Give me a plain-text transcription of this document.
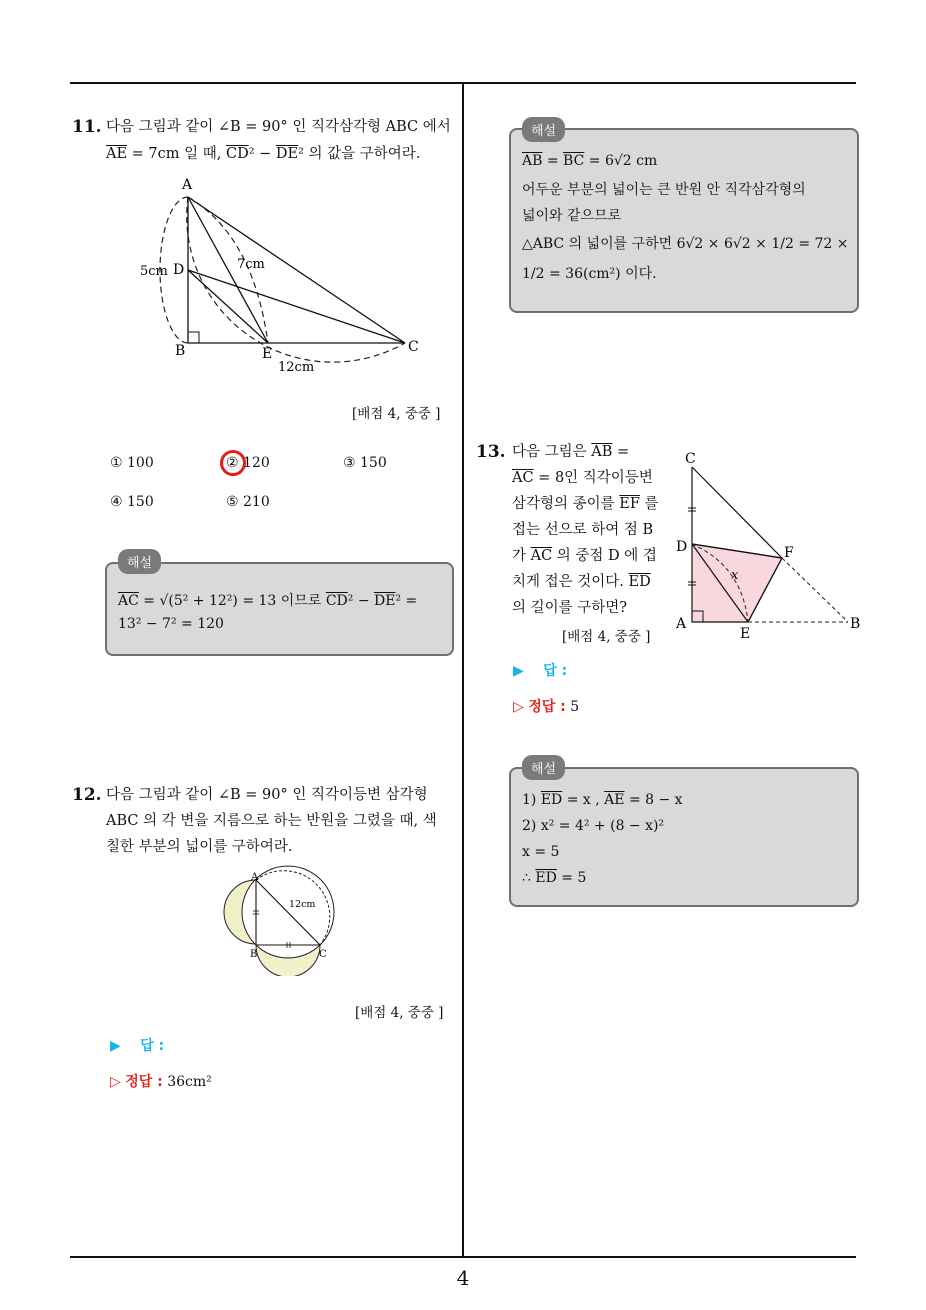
4
11. 다음 그림과 같이 ∠B = 90° 인 직각삼각형 ABC 에서
$\overline{AE} = 7cm$ 일 때, $\overline{CD}^2 - \overline{DE}^2$ 의 값을 구하여라.
A
B	C
D
E
5cm	7cm
12cm
[배점 4, 중중 ]
① 100	② 120	③ 150
④ 150	⑤ 210
해설
$\overline{AC} = √(5^2 + 12^2) = 13$ 이므로 $\overline{CD}^2 - \overline{DE}^2$ =
13² − 7² = 120
12. 다음 그림과 같이 ∠B = 90° 인 직각이등변 삼각형
ABC 의 각 변을 지름으로 하는 반원을 그렸을 때, 색
칠한 부분의 넓이를 구하여라.
A
B	C
12cm
[배점 4, 중중 ]
▶ 답 :
▷ 정답 : 36cm²
해설
$\overline{AB} = \overline{BC} = 6√2$ cm
어두운 부분의 넓이는 큰 반원 안 직각삼각형의
넓이와 같으므로
△ABC 의 넓이를 구하면 6√2 × 6√2 × 1/2 = 72 ×
1/2 = 36(cm²) 이다.
13. 다음 그림은 $\overline{AB}$ =
$\overline{AC} = 8$인 직각이등변
삼각형의 종이를 $\overline{EF}$ 를
접는 선으로 하여 점 B
가 $\overline{AC}$ 의 중점 D 에 겹
치게 접은 것이다. $\overline{ED}$
의 길이를 구하면?
[배점 4, 중중 ]
C
D	F
A
E
B
x
▶ 답 :
▷ 정답 : 5
해설
1) $\overline{ED} = x$ , $\overline{AE} = 8 - x$
2) x² = 4² + (8 − x)²
x = 5
∴ $\overline{ED} = 5$
